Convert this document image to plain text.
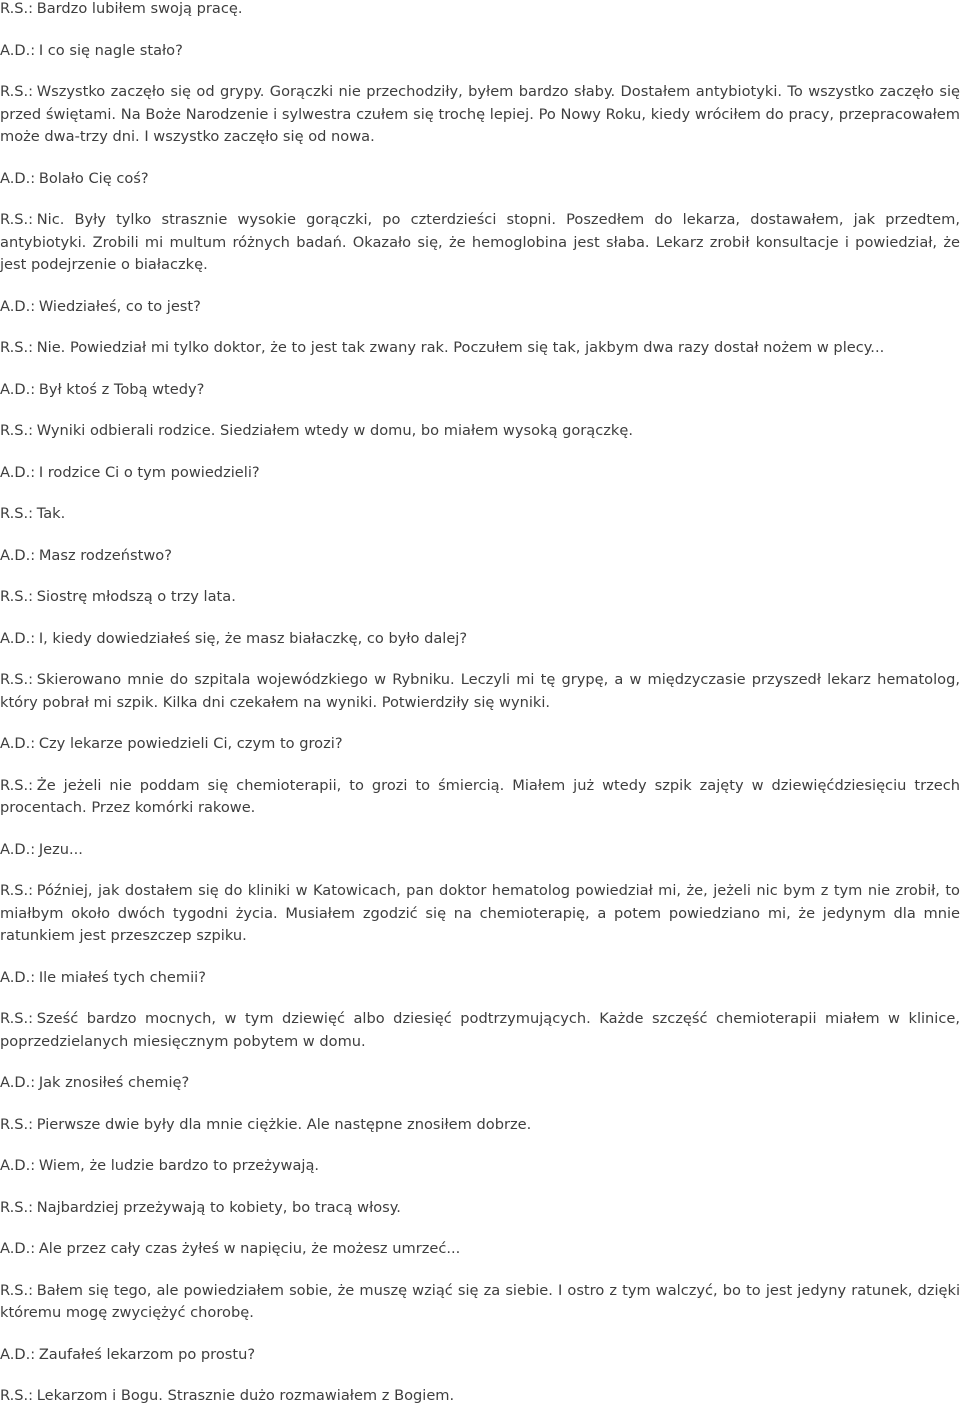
R.S.: Bardzo lubiłem swoją pracę.

A.D.: I co się nagle stało?

R.S.: Wszystko zaczęło się od grypy. Gorączki nie przechodziły, byłem bardzo słaby. Dostałem antybiotyki. To wszystko zaczęło się przed świętami. Na Boże Narodzenie i sylwestra czułem się trochę lepiej. Po Nowy Roku, kiedy wróciłem do pracy, przepracowałem może dwa-trzy dni. I wszystko zaczęło się od nowa.

A.D.: Bolało Cię coś?

R.S.: Nic. Były tylko strasznie wysokie gorączki, po czterdzieści stopni. Poszedłem do lekarza, dostawałem, jak przedtem, antybiotyki. Zrobili mi multum różnych badań. Okazało się, że hemoglobina jest słaba. Lekarz zrobił konsultacje i powiedział, że jest podejrzenie o białaczkę.

A.D.: Wiedziałeś, co to jest?

R.S.: Nie. Powiedział mi tylko doktor, że to jest tak zwany rak. Poczułem się tak, jakbym dwa razy dostał nożem w plecy...

A.D.: Był ktoś z Tobą wtedy?

R.S.: Wyniki odbierali rodzice. Siedziałem wtedy w domu, bo miałem wysoką gorączkę.

A.D.: I rodzice Ci o tym powiedzieli?

R.S.: Tak.

A.D.: Masz rodzeństwo?

R.S.: Siostrę młodszą o trzy lata.

A.D.: I, kiedy dowiedziałeś się, że masz białaczkę, co było dalej?

R.S.: Skierowano mnie do szpitala wojewódzkiego w Rybniku. Leczyli mi tę grypę, a w międzyczasie przyszedł lekarz hematolog, który pobrał mi szpik. Kilka dni czekałem na wyniki. Potwierdziły się wyniki.

A.D.: Czy lekarze powiedzieli Ci, czym to grozi?

R.S.: Że jeżeli nie poddam się chemioterapii, to grozi to śmiercią. Miałem już wtedy szpik zajęty w dziewięćdziesięciu trzech procentach. Przez komórki rakowe.

A.D.: Jezu...

R.S.: Później, jak dostałem się do kliniki w Katowicach, pan doktor hematolog powiedział mi, że, jeżeli nic bym z tym nie zrobił, to miałbym około dwóch tygodni życia. Musiałem zgodzić się na chemioterapię, a potem powiedziano mi, że jedynym dla mnie ratunkiem jest przeszczep szpiku.

A.D.: Ile miałeś tych chemii?

R.S.: Sześć bardzo mocnych, w tym dziewięć albo dziesięć podtrzymujących. Każde szczęść chemioterapii miałem w klinice, poprzedzielanych miesięcznym pobytem w domu.

A.D.: Jak znosiłeś chemię?

R.S.: Pierwsze dwie były dla mnie ciężkie. Ale następne znosiłem dobrze.

A.D.: Wiem, że ludzie bardzo to przeżywają.

R.S.: Najbardziej przeżywają to kobiety, bo tracą włosy.

A.D.: Ale przez cały czas żyłeś w napięciu, że możesz umrzeć...

R.S.: Bałem się tego, ale powiedziałem sobie, że muszę wziąć się za siebie. I ostro z tym walczyć, bo to jest jedyny ratunek, dzięki któremu mogę zwyciężyć chorobę.

A.D.: Zaufałeś lekarzom po prostu?

R.S.: Lekarzom i Bogu. Strasznie dużo rozmawiałem z Bogiem.
